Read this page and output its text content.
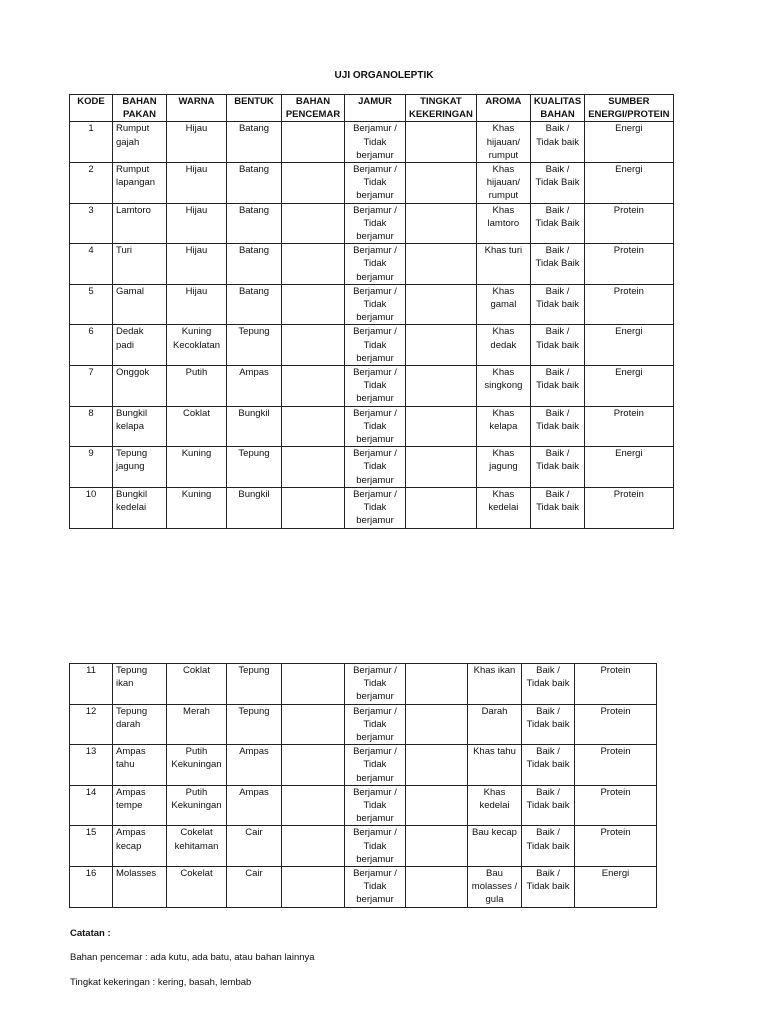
UJI ORGANOLEPTIK
KODE	BAHAN PAKAN	WARNA	BENTUK	BAHAN PENCEMAR	JAMUR	TINGKAT KEKERINGAN	AROMA	KUALITAS BAHAN	SUMBER ENERGI/PROTEIN
1	Rumput gajah	Hijau	Batang		Berjamur / Tidak berjamur		Khas hijauan/ rumput	Baik / Tidak baik	Energi
2	Rumput lapangan	Hijau	Batang		Berjamur / Tidak berjamur		Khas hijauan/ rumput	Baik / Tidak Baik	Energi
3	Lamtoro	Hijau	Batang		Berjamur / Tidak berjamur		Khas lamtoro	Baik / Tidak Baik	Protein
4	Turi	Hijau	Batang		Berjamur / Tidak berjamur		Khas turi	Baik / Tidak Baik	Protein
5	Gamal	Hijau	Batang		Berjamur / Tidak berjamur		Khas gamal	Baik / Tidak baik	Protein
6	Dedak padi	Kuning Kecoklatan	Tepung		Berjamur / Tidak berjamur		Khas dedak	Baik / Tidak baik	Energi
7	Onggok	Putih	Ampas		Berjamur / Tidak berjamur		Khas singkong	Baik / Tidak baik	Energi
8	Bungkil kelapa	Coklat	Bungkil		Berjamur / Tidak berjamur		Khas kelapa	Baik / Tidak baik	Protein
9	Tepung jagung	Kuning	Tepung		Berjamur / Tidak berjamur		Khas jagung	Baik / Tidak baik	Energi
10	Bungkil kedelai	Kuning	Bungkil		Berjamur / Tidak berjamur		Khas kedelai	Baik / Tidak baik	Protein
11	Tepung ikan	Coklat	Tepung		Berjamur / Tidak berjamur		Khas ikan	Baik / Tidak baik	Protein
12	Tepung darah	Merah	Tepung		Berjamur / Tidak berjamur		Darah	Baik / Tidak baik	Protein
13	Ampas tahu	Putih Kekuningan	Ampas		Berjamur / Tidak berjamur		Khas tahu	Baik / Tidak baik	Protein
14	Ampas tempe	Putih Kekuningan	Ampas		Berjamur / Tidak berjamur		Khas kedelai	Baik / Tidak baik	Protein
15	Ampas kecap	Cokelat kehitaman	Cair		Berjamur / Tidak berjamur		Bau kecap	Baik / Tidak baik	Protein
16	Molasses	Cokelat	Cair		Berjamur / Tidak berjamur		Bau molasses / gula	Baik / Tidak baik	Energi
Catatan :
Bahan pencemar : ada kutu, ada batu, atau bahan lainnya
Tingkat kekeringan : kering, basah, lembab
